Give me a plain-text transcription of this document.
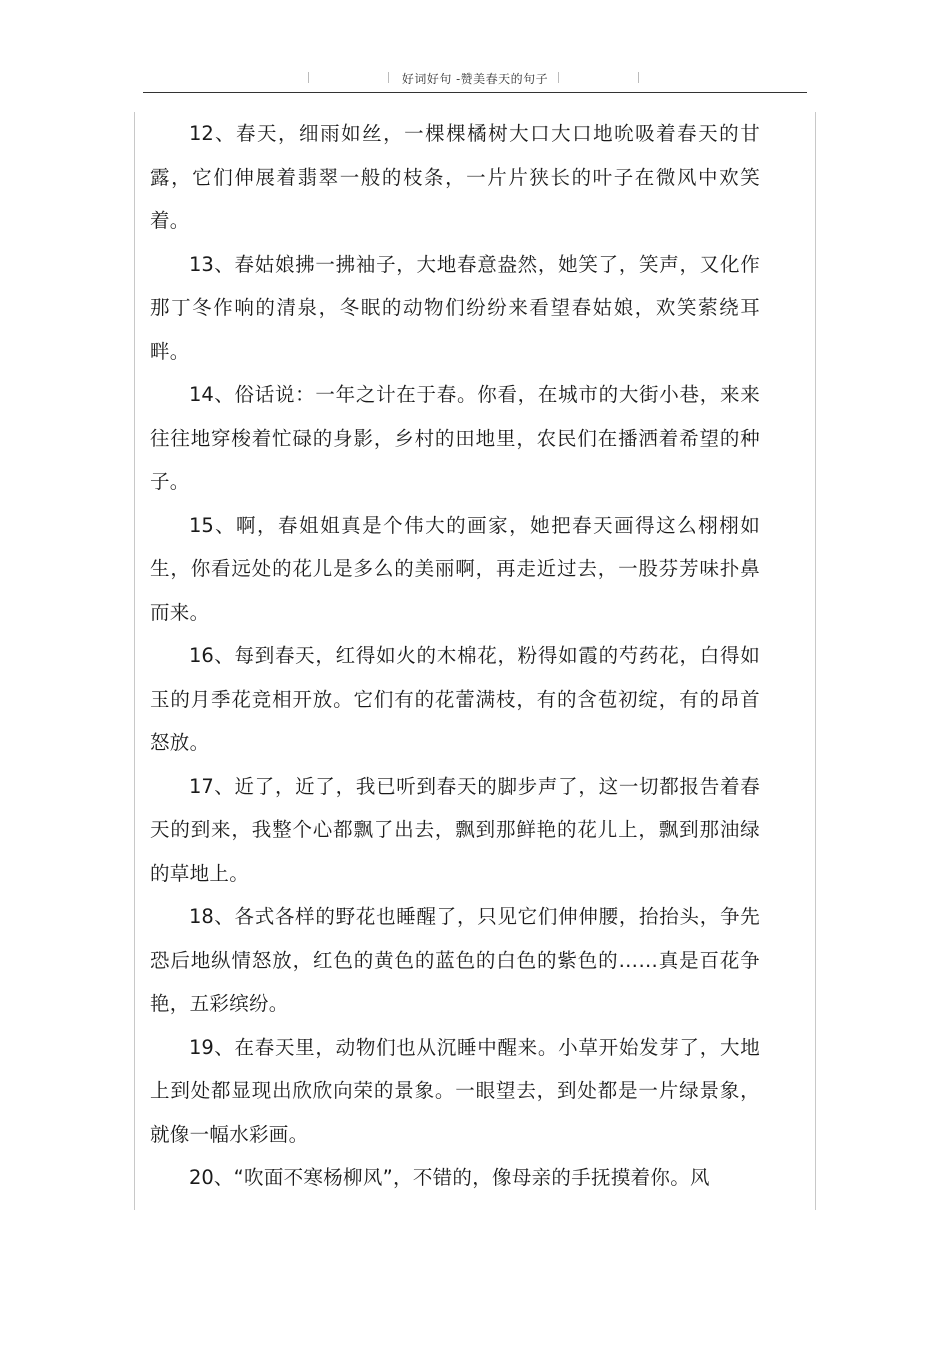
好词好句 -赞美春天的句子

12、春天，细雨如丝，一棵棵橘树大口大口地吮吸着春天的甘露，它们伸展着翡翠一般的枝条，一片片狭长的叶子在微风中欢笑着。

13、春姑娘拂一拂袖子，大地春意盎然，她笑了，笑声，又化作那丁冬作响的清泉，冬眠的动物们纷纷来看望春姑娘，欢笑萦绕耳畔。

14、俗话说：一年之计在于春。你看，在城市的大街小巷，来来往往地穿梭着忙碌的身影，乡村的田地里，农民们在播洒着希望的种子。

15、啊，春姐姐真是个伟大的画家，她把春天画得这么栩栩如生，你看远处的花儿是多么的美丽啊，再走近过去，一股芬芳味扑鼻而来。

16、每到春天，红得如火的木棉花，粉得如霞的芍药花，白得如玉的月季花竞相开放。它们有的花蕾满枝，有的含苞初绽，有的昂首怒放。

17、近了，近了，我已听到春天的脚步声了，这一切都报告着春天的到来，我整个心都飘了出去，飘到那鲜艳的花儿上，飘到那油绿的草地上。

18、各式各样的野花也睡醒了，只见它们伸伸腰，抬抬头，争先恐后地纵情怒放，红色的黄色的蓝色的白色的紫色的……真是百花争艳，五彩缤纷。

19、在春天里，动物们也从沉睡中醒来。小草开始发芽了，大地上到处都显现出欣欣向荣的景象。一眼望去，到处都是一片绿景象，就像一幅水彩画。

20、“吹面不寒杨柳风”，不错的，像母亲的手抚摸着你。风
